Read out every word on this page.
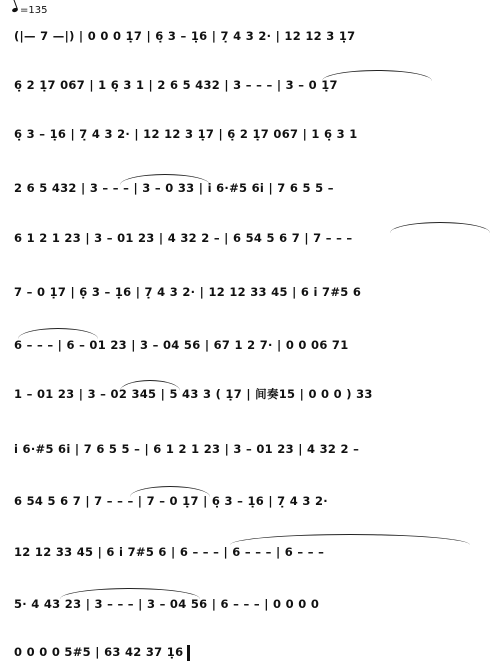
=135
(|— 7 —|) | 0 0 0 1̣7 | 6̣ 3 – 1̣6 | 7̣ 4 3 2· | 12 12 3 1̣7
6̣ 2 1̣7 067 | 1 6̣ 3 1 | 2 6 5 432 | 3 – – – | 3 – 0 1̣7
6̣ 3 – 1̣6 | 7̣ 4 3 2· | 12 12 3 1̣7 | 6̣ 2 1̣7 067 | 1 6̣ 3 1
2 6 5 432 | 3 – – – | 3 – 0 33 | i 6·#5 6i | 7 6 5 5 –
6 1 2 1 23 | 3 – 01 23 | 4 32 2 – | 6 54 5 6 7 | 7 – – –
7 – 0 1̣7 | 6̣ 3 – 1̣6 | 7̣ 4 3 2· | 12 12 33 45 | 6 i 7#5 6
6 – – – | 6 – 01 23 | 3 – 04 56 | 67 1 2 7· | 0 0 06 71
1 – 01 23 | 3 – 02 345 | 5 43 3 ( 1̣7 | 间奏15 | 0 0 0 ) 33
i 6·#5 6i | 7 6 5 5 – | 6 1 2 1 23 | 3 – 01 23 | 4 32 2 –
6 54 5 6 7 | 7 – – – | 7 – 0 1̣7 | 6̣ 3 – 1̣6 | 7̣ 4 3 2·
12 12 33 45 | 6 i 7#5 6 | 6 – – – | 6 – – – | 6 – – –
5· 4 43 23 | 3 – – – | 3 – 04 56 | 6 – – – | 0 0 0 0
0 0 0 0 5#5 | 63 42 37 1̣6
